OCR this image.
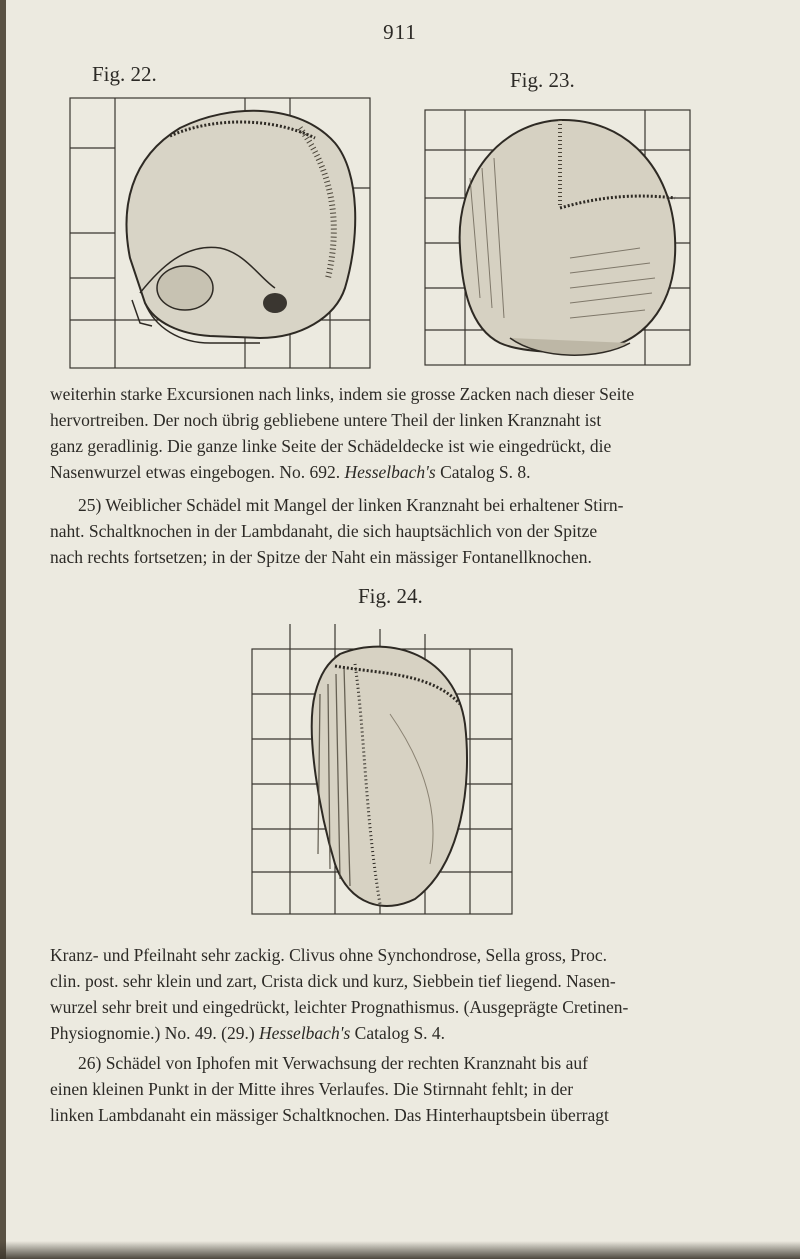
911
Fig. 22.	Fig. 23.
weiterhin starke Excursionen nach links, indem sie grosse Zacken nach dieser Seite
hervortreiben. Der noch übrig gebliebene untere Theil der linken Kranznaht ist
ganz geradlinig. Die ganze linke Seite der Schädeldecke ist wie eingedrückt, die
Nasenwurzel etwas eingebogen. No. 692. Hesselbach's Catalog S. 8.
25) Weiblicher Schädel mit Mangel der linken Kranznaht bei erhaltener Stirn-
naht. Schaltknochen in der Lambdanaht, die sich hauptsächlich von der Spitze
nach rechts fortsetzen; in der Spitze der Naht ein mässiger Fontanellknochen.
Fig. 24.
Kranz- und Pfeilnaht sehr zackig. Clivus ohne Synchondrose, Sella gross, Proc.
clin. post. sehr klein und zart, Crista dick und kurz, Siebbein tief liegend. Nasen-
wurzel sehr breit und eingedrückt, leichter Prognathismus. (Ausgeprägte Cretinen-
Physiognomie.) No. 49. (29.) Hesselbach's Catalog S. 4.
26) Schädel von Iphofen mit Verwachsung der rechten Kranznaht bis auf
einen kleinen Punkt in der Mitte ihres Verlaufes. Die Stirnnaht fehlt; in der
linken Lambdanaht ein mässiger Schaltknochen. Das Hinterhauptsbein überragt
